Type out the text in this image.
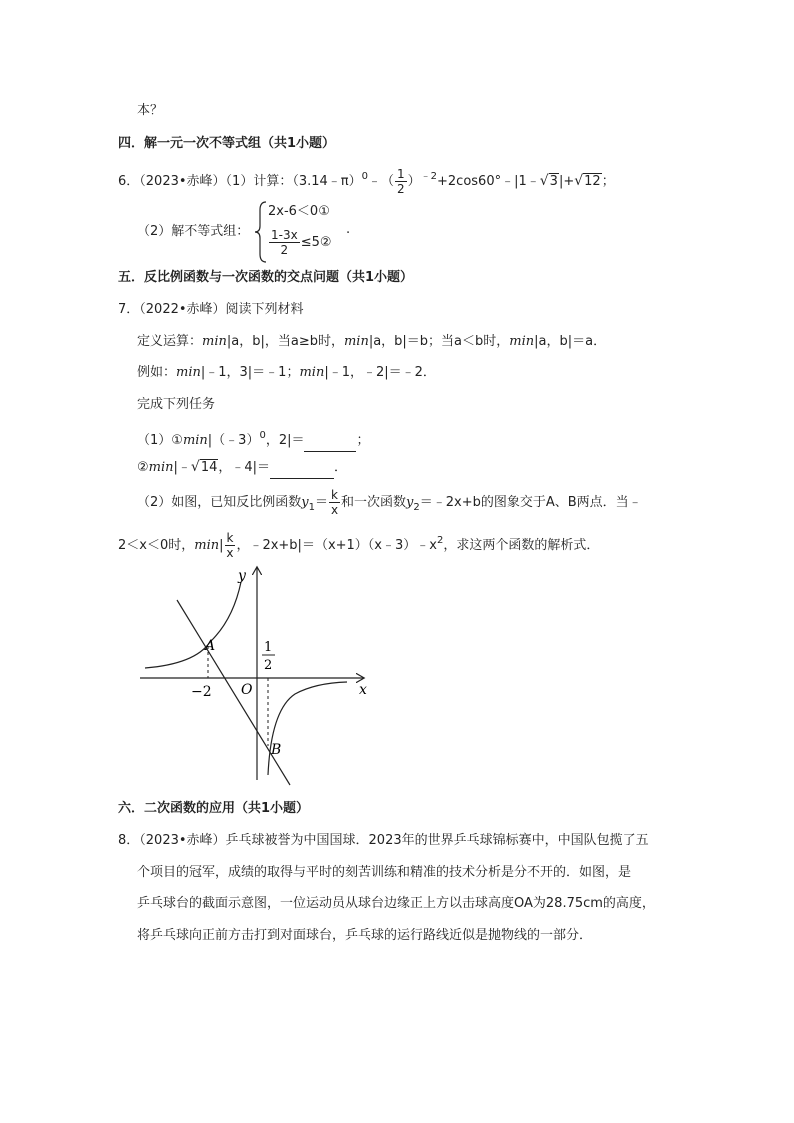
本？
四．解一元一次不等式组（共1小题）
6．（2023•赤峰）（1）计算：（3.14﹣π）$^0$﹣（ $\frac{1}{2}$ ）$^{﹣2}$+2cos60°﹣|1﹣√3|+√12；
（2）解不等式组：
2x-6＜0①
$\frac{1-3x}{2}$ ≤5②
.
五．反比例函数与一次函数的交点问题（共1小题）
7．（2022•赤峰）阅读下列材料
定义运算：min|a，b|，当a≥b时，min|a，b|＝b；当a＜b时，min|a，b|＝a．
例如：min|﹣1，3|＝﹣1；min|﹣1，﹣2|＝﹣2．
完成下列任务
（1）①min|（﹣3）$^0$，2|＝	；
②min|﹣√14，﹣4|＝	．
（2）如图，已知反比例函数$y_1= \frac{k}{x}$ 和一次函数$y_2=﹣2x+b$的图象交于A、B两点．当﹣
2＜x＜0时，$\min| \frac{k}{x}$ ，$﹣2x+b|=(x+1)(x﹣3)﹣x^2$，求这两个函数的解析式．
y
x
A
B
O
−2
1
2
六．二次函数的应用（共1小题）
8．（2023•赤峰）乒乓球被誉为中国国球．2023年的世界乒乓球锦标赛中，中国队包揽了五
个项目的冠军，成绩的取得与平时的刻苦训练和精准的技术分析是分不开的．如图，是
乒乓球台的截面示意图，一位运动员从球台边缘正上方以击球高度OA为28.75cm的高度，
将乒乓球向正前方击打到对面球台，乒乓球的运行路线近似是抛物线的一部分．
